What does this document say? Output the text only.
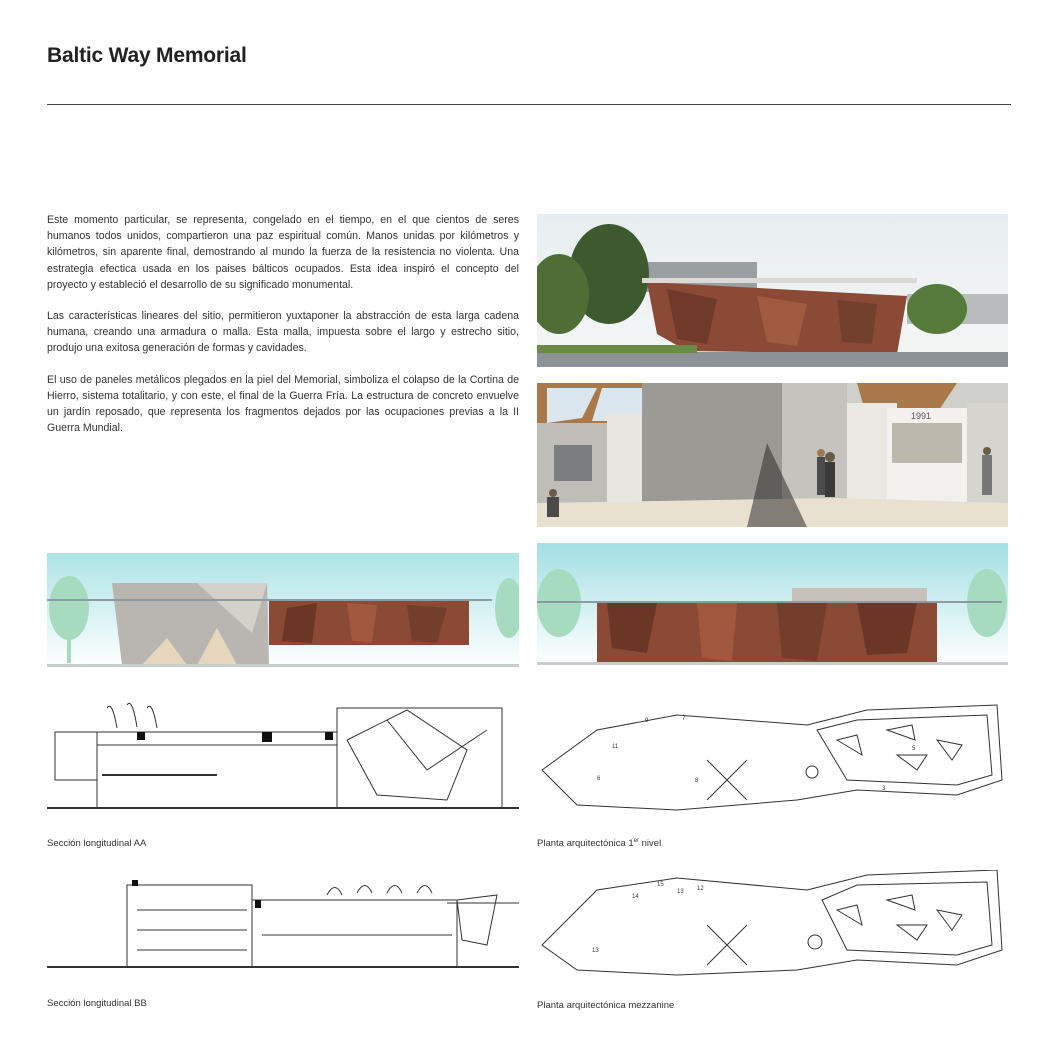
Baltic Way Memorial

Este momento particular, se representa, congelado en el tiempo, en el que cientos de seres humanos todos unidos, compartieron una paz espiritual común. Manos unidas por kilómetros y kilómetros, sin aparente final, demostrando al mundo la fuerza de la resistencia no violenta. Una estrategia efectica usada en los paises bálticos ocupados. Esta idea inspiró el concepto del proyecto y estableció el desarrollo de su significado monumental.

Las características lineares del sitio, permitieron yuxtaponer la abstracción de esta larga cadena humana, creando una armadura o malla. Esta malla, impuesta sobre el largo y estrecho sitio, produjo una exitosa generación de formas y cavidades.

El uso de paneles metálicos plegados en la piel del Memorial, simboliza el colapso de la Cortina de Hierro, sistema totalitario, y con este, el final de la Guerra Fría. La estructura de concreto envuelve un jardín reposado, que representa los fragmentos dejados por las ocupaciones previas a la II Guerra Mundial.

1991
9	7
11
6	8
5
3
Sección longitudinal AA	Planta arquitectónica 1er nivel
15
14
13 12
13
Sección longitudinal BB	Planta arquitectónica mezzanine
